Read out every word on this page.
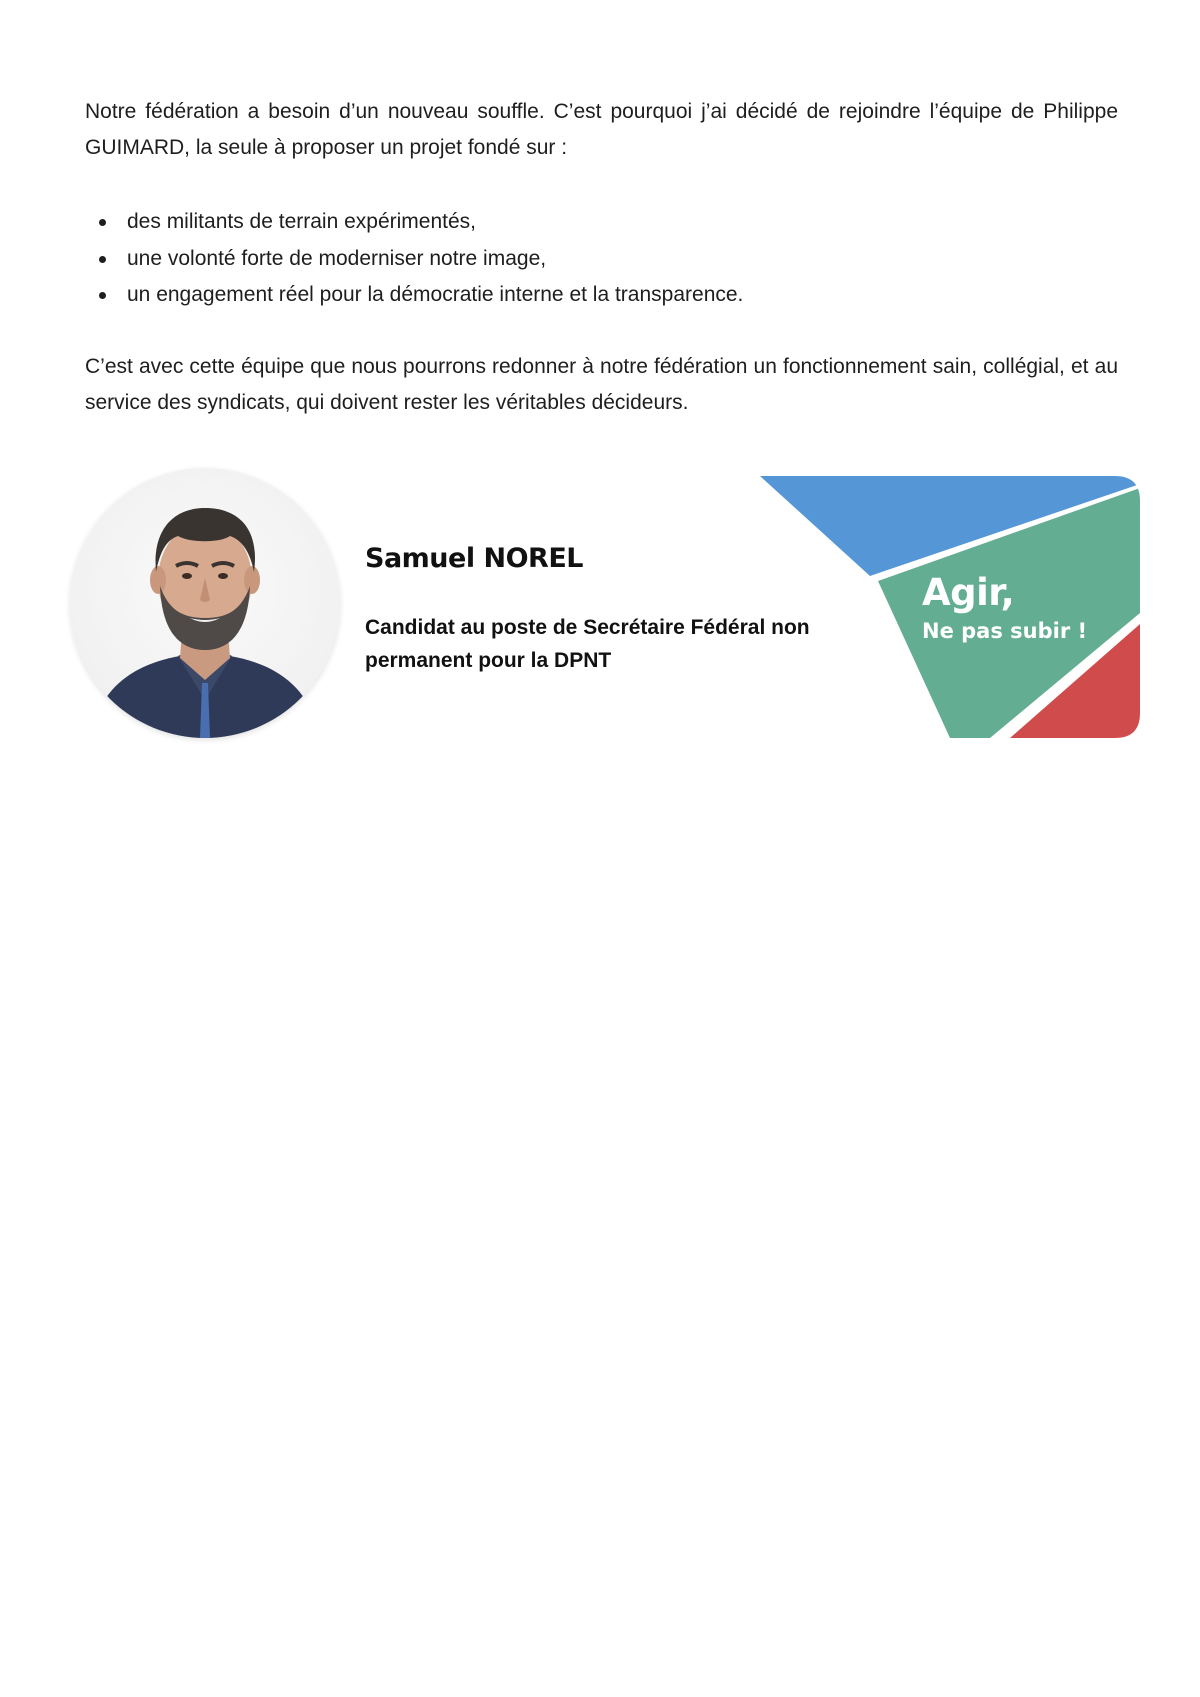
Notre fédération a besoin d’un nouveau souffle. C’est pourquoi j’ai décidé de rejoindre l’équipe de Philippe GUIMARD, la seule à proposer un projet fondé sur :

des militants de terrain expérimentés,
une volonté forte de moderniser notre image,
un engagement réel pour la démocratie interne et la transparence.

C’est avec cette équipe que nous pourrons redonner à notre fédération un fonctionnement sain, collégial, et au service des syndicats, qui doivent rester les véritables décideurs.

Samuel NOREL
Candidat au poste de Secrétaire Fédéral non permanent pour la DPNT
Agir,
Ne pas subir !
